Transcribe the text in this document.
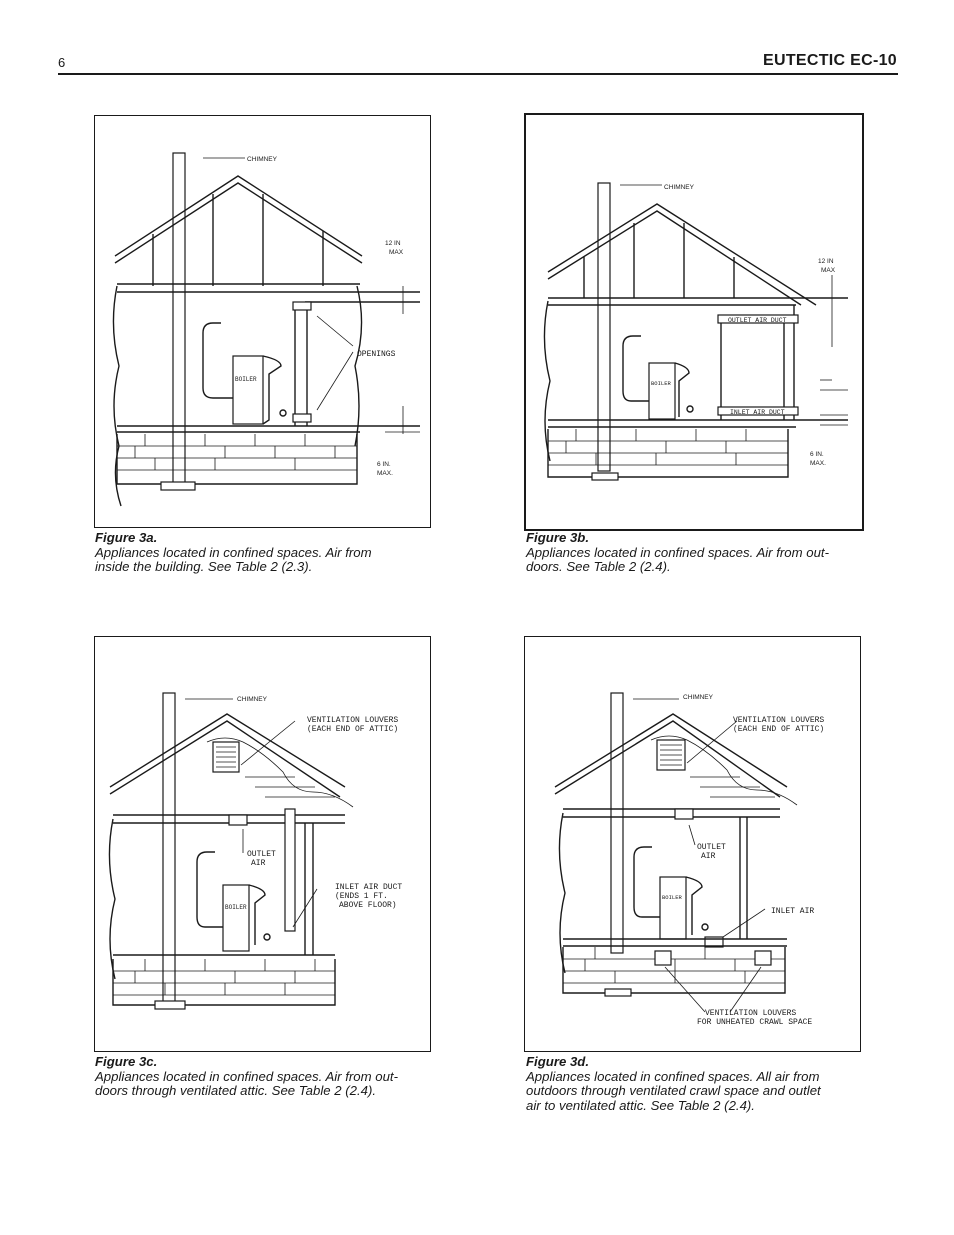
6	EUTECTIC EC-10
CHIMNEY
12 IN
MAX
OPENINGS
BOILER
6 IN.
MAX.
Figure 3a.
Appliances located in confined spaces. Air from
inside the building. See Table 2 (2.3).
CHIMNEY
12 IN
MAX
OUTLET AIR DUCT
INLET AIR DUCT
BOILER
6 IN.
MAX.
Figure 3b.
Appliances located in confined spaces. Air from out-
doors. See Table 2 (2.4).
CHIMNEY
VENTILATION LOUVERS
(EACH END OF ATTIC)
OUTLET
AIR
INLET AIR DUCT
(ENDS 1 FT.
ABOVE FLOOR)
BOILER
Figure 3c.
Appliances located in confined spaces. Air from out-
doors through ventilated attic. See Table 2 (2.4).
CHIMNEY
VENTILATION LOUVERS
(EACH END OF ATTIC)
OUTLET
AIR
INLET AIR
BOILER
VENTILATION LOUVERS
FOR UNHEATED CRAWL SPACE
Figure 3d.
Appliances located in confined spaces. All air from
outdoors through ventilated crawl space and outlet
air to ventilated attic. See Table 2 (2.4).
